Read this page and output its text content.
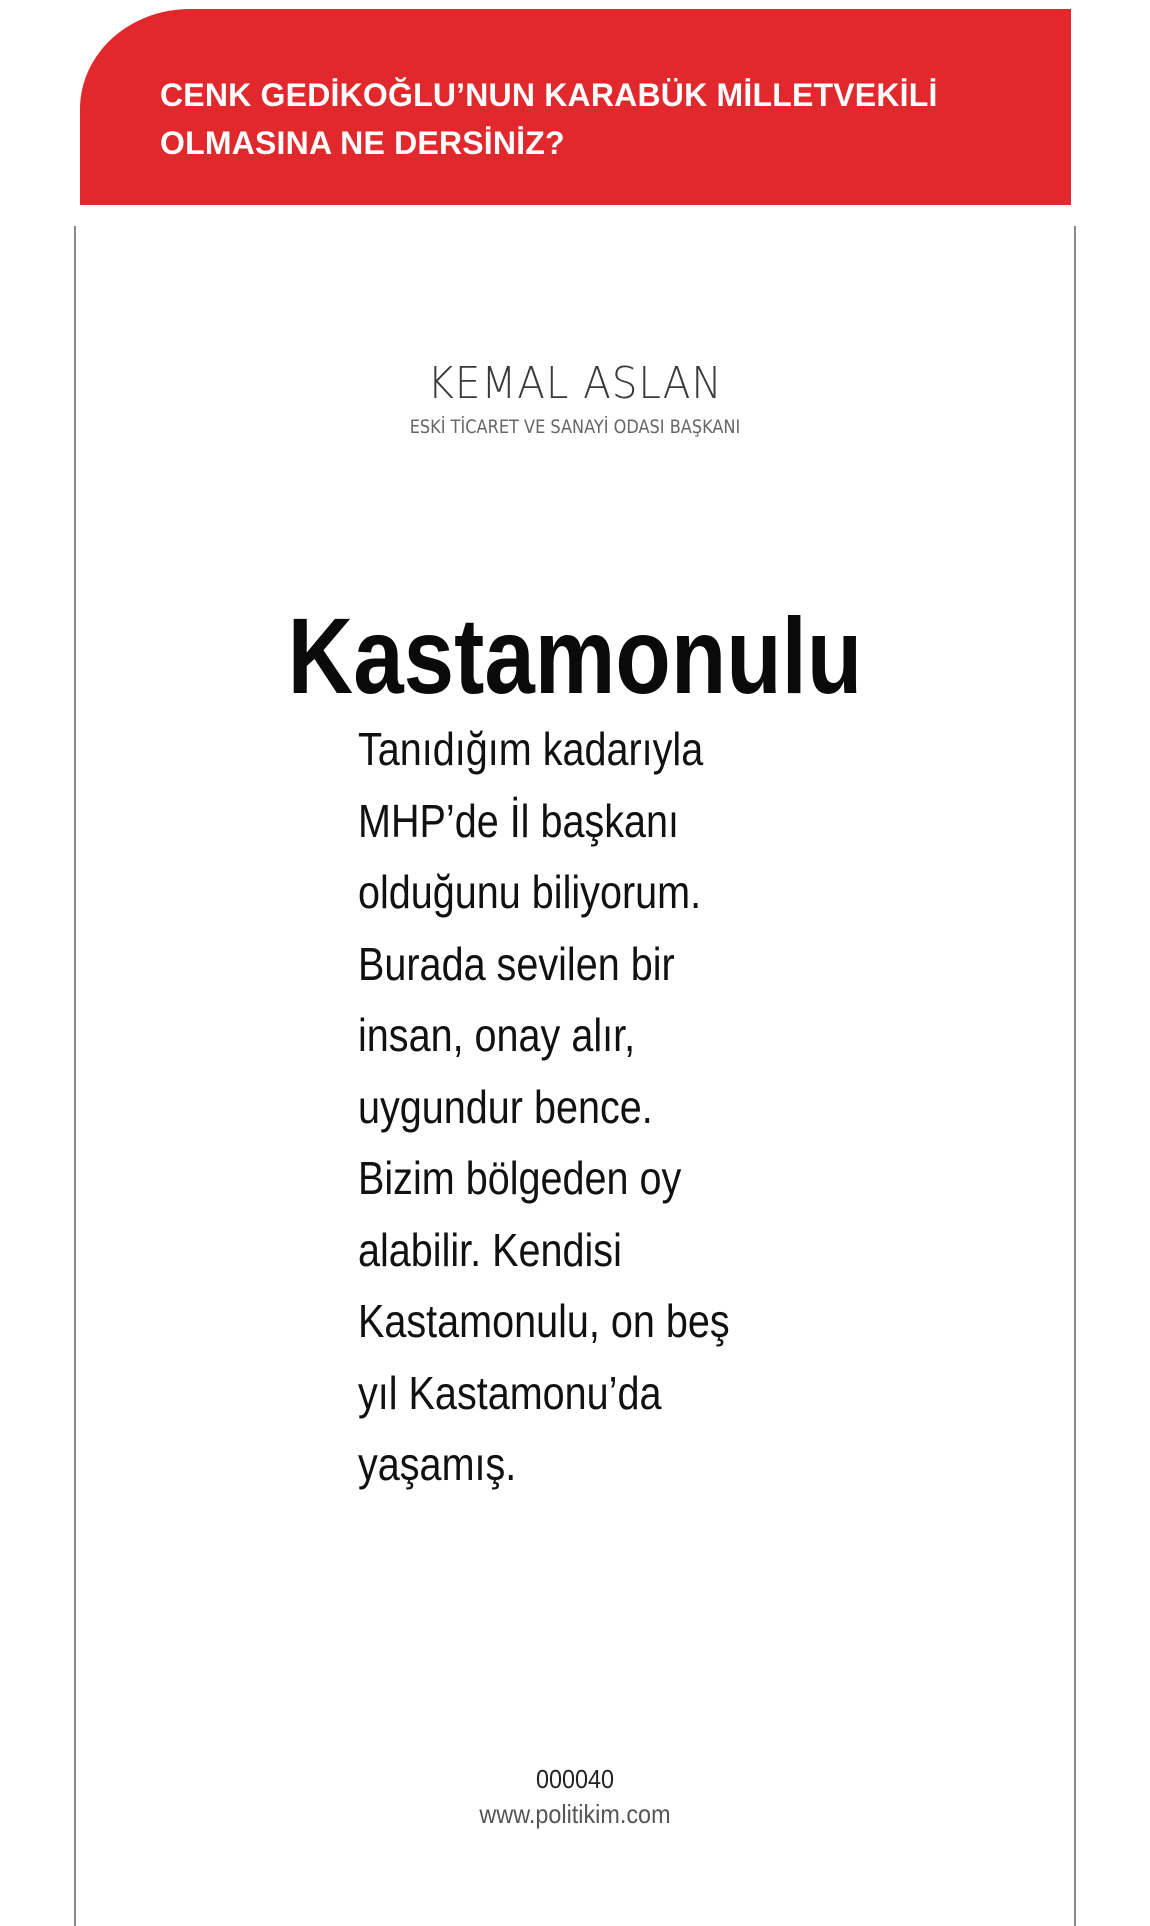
CENK GEDİKOĞLU’NUN KARABÜK MİLLETVEKİLİ
OLMASINA NE DERSİNİZ?

KEMAL ASLAN
ESKİ TİCARET VE SANAYİ ODASI BAŞKANI
Kastamonulu
Tanıdığım kadarıyla
MHP’de İl başkanı
olduğunu biliyorum.
Burada sevilen bir
insan, onay alır,
uygundur bence.
Bizim bölgeden oy
alabilir. Kendisi
Kastamonulu, on beş
yıl Kastamonu’da
yaşamış.
000040
www.politikim.com
